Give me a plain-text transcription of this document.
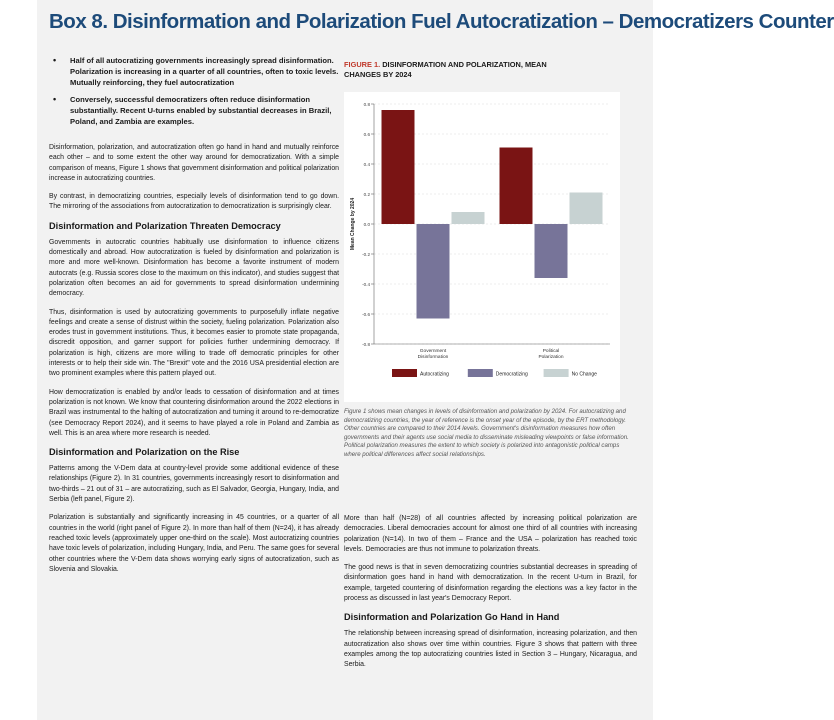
Box 8. Disinformation and Polarization Fuel Autocratization – Democratizers Counter
• Half of all autocratizing governments increasingly spread disinformation. Polarization is increasing in a quarter of all countries, often to toxic levels. Mutually reinforcing, they fuel autocratization
• Conversely, successful democratizers often reduce disinformation substantially. Recent U-turns enabled by substantial decreases in Brazil, Poland, and Zambia are examples.

Disinformation, polarization, and autocratization often go hand in hand and mutually reinforce each other – and to some extent the other way around for democratization. With a simple comparison of means, Figure 1 shows that government disinformation and political polarization increase in autocratizing countries.

By contrast, in democratizing countries, especially levels of disinformation tend to go down. The mirroring of the associations from autocratization to democratization is surprisingly clear.

Disinformation and Polarization Threaten Democracy

Governments in autocratic countries habitually use disinformation to influence citizens domestically and abroad. How autocratization is fueled by disinformation and polarization is more and more well-known. Disinformation has become a favorite instrument of modern autocrats (e.g. Russia scores close to the maximum on this indicator), and studies suggest that polarization often becomes an aid for governments to spread disinformation undermining democracy.

Thus, disinformation is used by autocratizing governments to purposefully inflate negative feelings and create a sense of distrust within the society, fueling polarization. Polarization also erodes trust in government institutions. Thus, it becomes easier to promote state propaganda, discredit opposition, and garner support for policies further undermining democracy. If polarization is high, citizens are more willing to trade off democratic principles for other interests or to help their side win. The "Brexit" vote and the 2016 USA presidential election are two prominent examples where this pattern played out.

How democratization is enabled by and/or leads to cessation of disinformation and at times polarization is not known. We know that countering disinformation around the 2022 elections in Brazil was instrumental to the halting of autocratization and turning it around to re-democratize (see Democracy Report 2024), and it seems to have played a role in Poland and Zambia as well. This is an area where more research is needed.

Disinformation and Polarization on the Rise

Patterns among the V-Dem data at country-level provide some additional evidence of these relationships (Figure 2). In 31 countries, governments increasingly resort to disinformation and two-thirds – 21 out of 31 – are autocratizing, such as El Salvador, Georgia, Hungary, India, and Serbia (left panel, Figure 2).

Polarization is substantially and significantly increasing in 45 countries, or a quarter of all countries in the world (right panel of Figure 2). In more than half of them (N=24), it has already reached toxic levels (approximately upper one-third on the scale). Most autocratizing countries have toxic levels of polarization, including Hungary, India, and Peru. The same goes for several other countries where the V-Dem data shows worrying early signs of autocratization, such as Slovenia and Slovakia.

FIGURE 1. DISINFORMATION AND POLARIZATION, MEAN CHANGES BY 2024
-0.8
-0.6
-0.4
-0.2
0.0
0.2
0.4
0.6
0.8
Mean Change by 2024
Government
Disinformation
Political
Polarization
Autocratizing	Democratizing	No Change
Figure 1 shows mean changes in levels of disinformation and polarization by 2024. For autocratizing and democratizing countries, the year of reference is the onset year of the episode, by the ERT methodology. Other countries are compared to their 2014 levels. Government's disinformation measures how often governments and their agents use social media to disseminate misleading viewpoints or false information. Political polarization measures the extent to which society is polarized into antagonistic political camps where political differences affect social relationships.

More than half (N=28) of all countries affected by increasing political polarization are democracies. Liberal democracies account for almost one third of all countries with increasing polarization (N=14). In two of them – France and the USA – polarization has reached toxic levels. Democracies are thus not immune to polarization threats.

The good news is that in seven democratizing countries substantial decreases in spreading of disinformation goes hand in hand with democratization. In the recent U-turn in Brazil, for example, targeted countering of disinformation regarding the elections was a key factor in the process as discussed in last year's Democracy Report.

Disinformation and Polarization Go Hand in Hand

The relationship between increasing spread of disinformation, increasing polarization, and then autocratization also shows over time within countries. Figure 3 shows that pattern with three examples among the top autocratizing countries listed in Section 3 – Hungary, Nicaragua, and Serbia.
